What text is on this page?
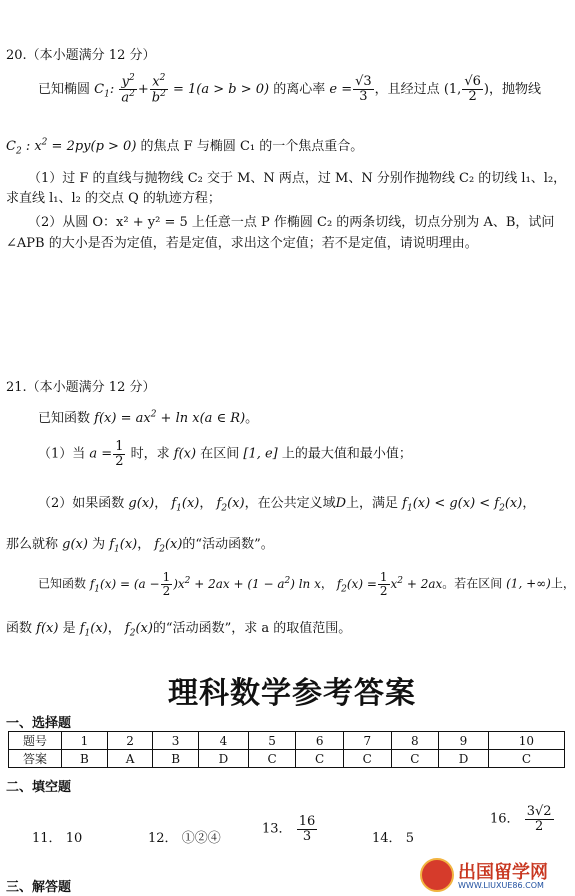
20.（本小题满分 12 分）
已知椭圆 $C_1$: $\frac{y^2}{a^2} + \frac{x^2}{b^2} = 1(a > b > 0)$ 的离心率 $e = \frac{√3}{3}$ ，且经过点 (1, $\frac{√6}{2}$ )，抛物线
$C_2$ : $x^2 = 2py(p > 0)$ 的焦点 F 与椭圆 C₁ 的一个焦点重合。
（1）过 F 的直线与抛物线 C₂ 交于 M、N 两点，过 M、N 分别作抛物线 C₂ 的切线 l₁、l₂，
求直线 l₁、l₂ 的交点 Q 的轨迹方程；
（2）从圆 O：x² + y² = 5 上任意一点 P 作椭圆 C₂ 的两条切线，切点分别为 A、B，试问
∠APB 的大小是否为定值，若是定值，求出这个定值；若不是定值，请说明理由。
21.（本小题满分 12 分）
已知函数 $f(x) = ax^2 + \ln x(a$ ∈ R)。
（1）当 $a = \frac{1}{2}$ 时，求 f(x) 在区间 [1, e] 上的最大值和最小值；
（2）如果函数 g(x)， $f_1(x)$， $f_2(x)$，在公共定义域D上，满足 $f_1(x) < g(x) < f_2(x)$，
那么就称 g(x) 为 $f_1(x)$， $f_2(x)$的“活动函数”。
已知函数 $f_1(x) = (a - \frac{1}{2} )x^2 + 2ax + (1 - a^2)$ ln x， $f_2(x) = \frac{1}{2} x^2 + 2ax$。若在区间 (1, +∞)上，
函数 f(x) 是 $f_1(x)$， $f_2(x)$的“活动函数”，求 a 的取值范围。
理科数学参考答案
一、选择题
题号	1	2	3	4	5	6	7	8	9	10
答案	B	A	B	D	C	C	C	C	D	C
二、填空题
11． 10	12． ①②④
13． $\frac{16}{3}$	14． 5
16． $\frac{3√2}{2}$
三、解答题
出国留学网
WWW.LIUXUE86.COM
